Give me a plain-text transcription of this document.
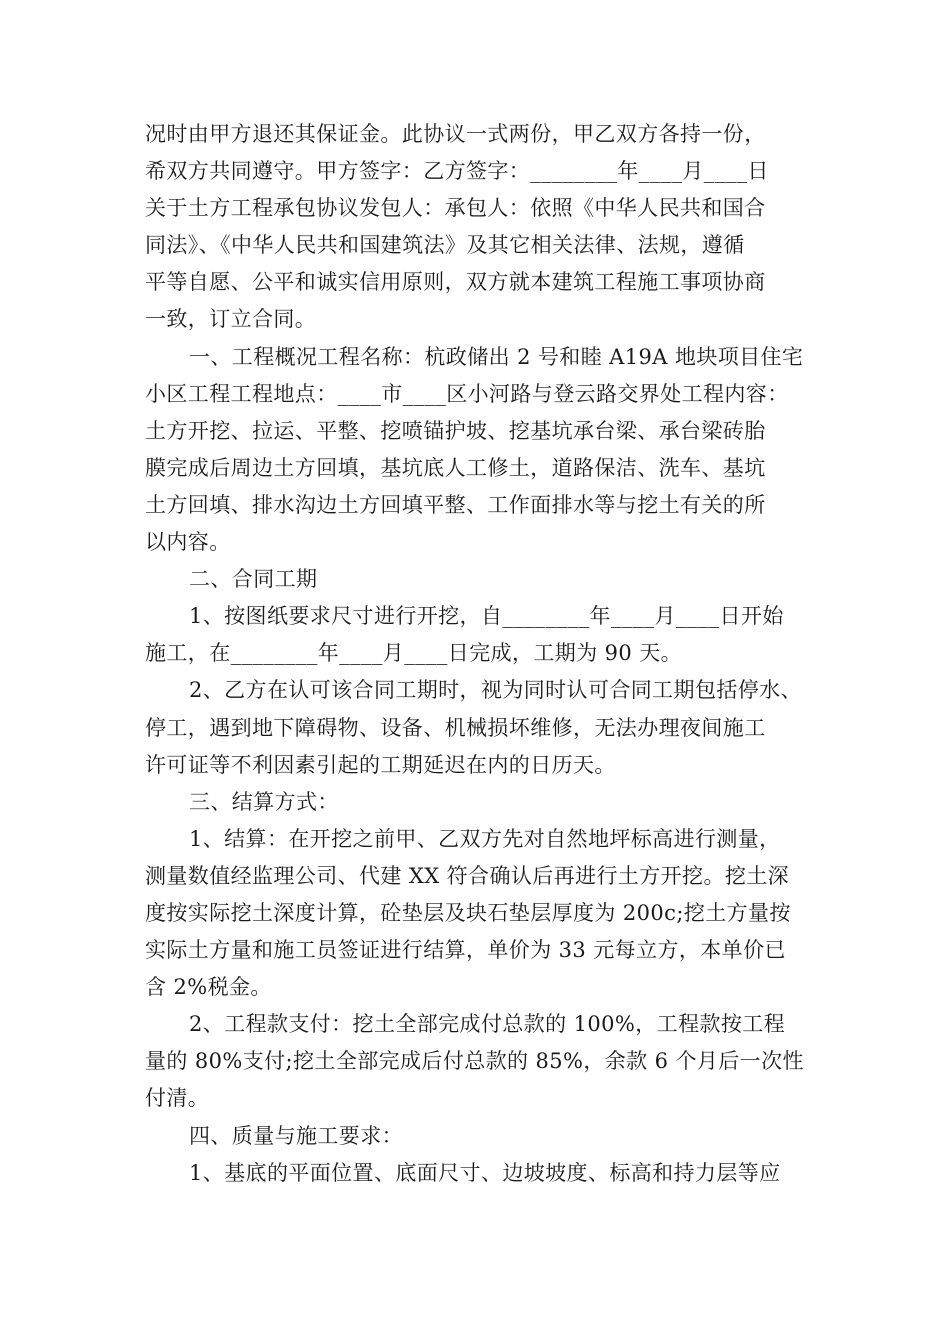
况时由甲方退还其保证金。此协议一式两份，甲乙双方各持一份，
希双方共同遵守。甲方签字：乙方签字：________年____月____日
关于土方工程承包协议发包人：承包人：依照《中华人民共和国合
同法》、《中华人民共和国建筑法》及其它相关法律、法规，遵循
平等自愿、公平和诚实信用原则，双方就本建筑工程施工事项协商
一致，订立合同。
一、工程概况工程名称：杭政储出 2 号和睦 A19A 地块项目住宅
小区工程工程地点：____市____区小河路与登云路交界处工程内容：
土方开挖、拉运、平整、挖喷锚护坡、挖基坑承台梁、承台梁砖胎
膜完成后周边土方回填，基坑底人工修土，道路保洁、洗车、基坑
土方回填、排水沟边土方回填平整、工作面排水等与挖土有关的所
以内容。
二、合同工期
1、按图纸要求尺寸进行开挖，自________年____月____日开始
施工，在________年____月____日完成，工期为 90 天。
2、乙方在认可该合同工期时，视为同时认可合同工期包括停水、
停工，遇到地下障碍物、设备、机械损坏维修，无法办理夜间施工
许可证等不利因素引起的工期延迟在内的日历天。
三、结算方式：
1、结算：在开挖之前甲、乙双方先对自然地坪标高进行测量，
测量数值经监理公司、代建 XX 符合确认后再进行土方开挖。挖土深
度按实际挖土深度计算，砼垫层及块石垫层厚度为 200c;挖土方量按
实际土方量和施工员签证进行结算，单价为 33 元每立方，本单价已
含 2%税金。
2、工程款支付：挖土全部完成付总款的 100%，工程款按工程
量的 80%支付;挖土全部完成后付总款的 85%，余款 6 个月后一次性
付清。
四、质量与施工要求：
1、基底的平面位置、底面尺寸、边坡坡度、标高和持力层等应
